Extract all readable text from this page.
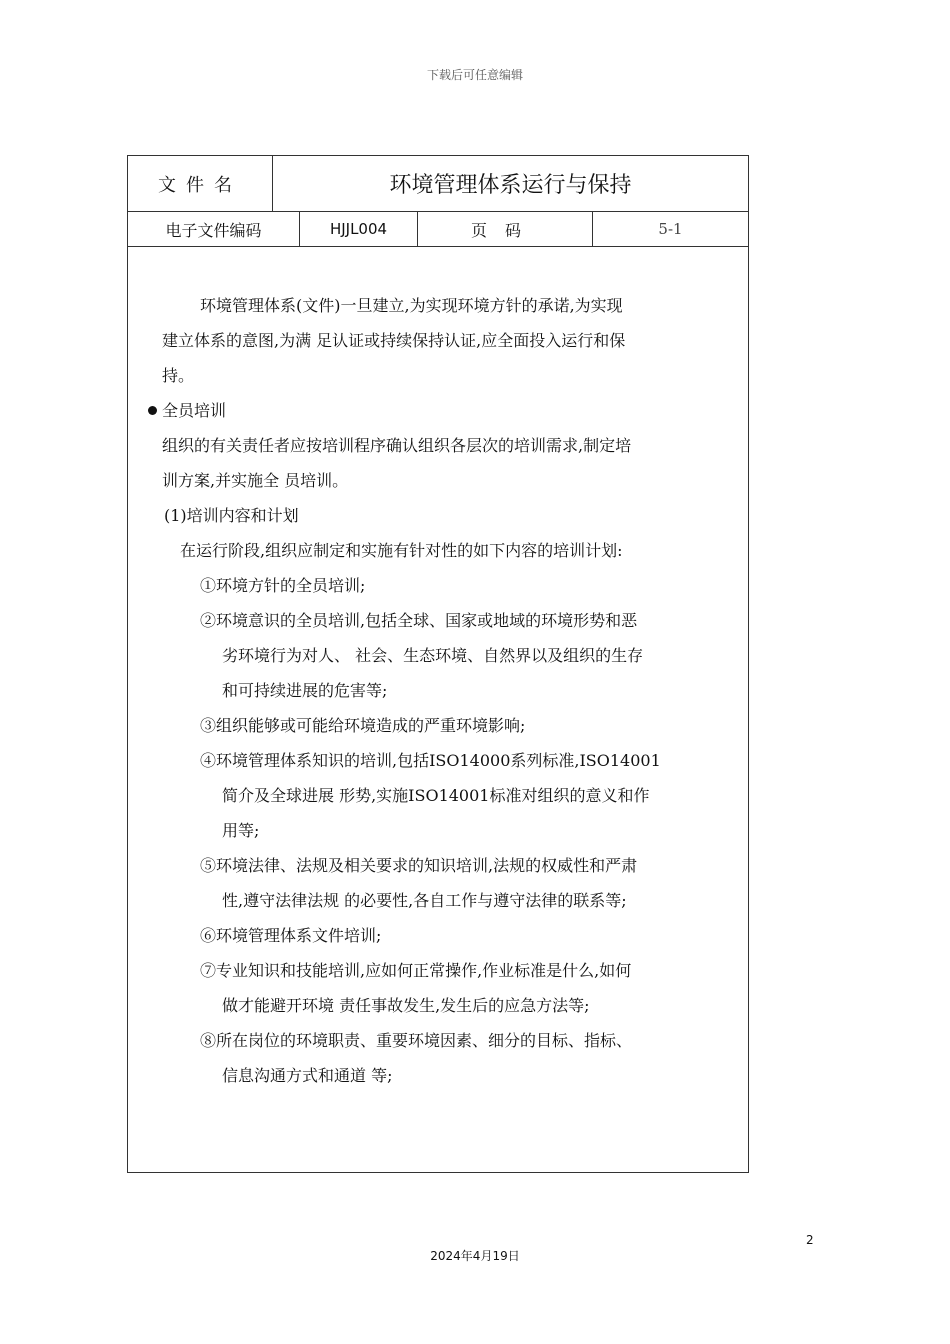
下载后可任意编辑
文件名	环境管理体系运行与保持
电子文件编码	HJJL004	页码	5-1
环境管理体系(文件)一旦建立,为实现环境方针的承诺,为实现
建立体系的意图,为满 足认证或持续保持认证,应全面投入运行和保
持。
全员培训
组织的有关责任者应按培训程序确认组织各层次的培训需求,制定培
训方案,并实施全 员培训。
(1)培训内容和计划
在运行阶段,组织应制定和实施有针对性的如下内容的培训计划:
①环境方针的全员培训;
②环境意识的全员培训,包括全球、国家或地域的环境形势和恶
劣环境行为对人、 社会、生态环境、自然界以及组织的生存
和可持续进展的危害等;
③组织能够或可能给环境造成的严重环境影响;
④环境管理体系知识的培训,包括ISO14000系列标准,ISO14001
简介及全球进展 形势,实施ISO14001标准对组织的意义和作
用等;
⑤环境法律、法规及相关要求的知识培训,法规的权威性和严肃
性,遵守法律法规 的必要性,各自工作与遵守法律的联系等;
⑥环境管理体系文件培训;
⑦专业知识和技能培训,应如何正常操作,作业标准是什么,如何
做才能避开环境 责任事故发生,发生后的应急方法等;
⑧所在岗位的环境职责、重要环境因素、细分的目标、指标、
信息沟通方式和通道 等;
2
2024年4月19日
